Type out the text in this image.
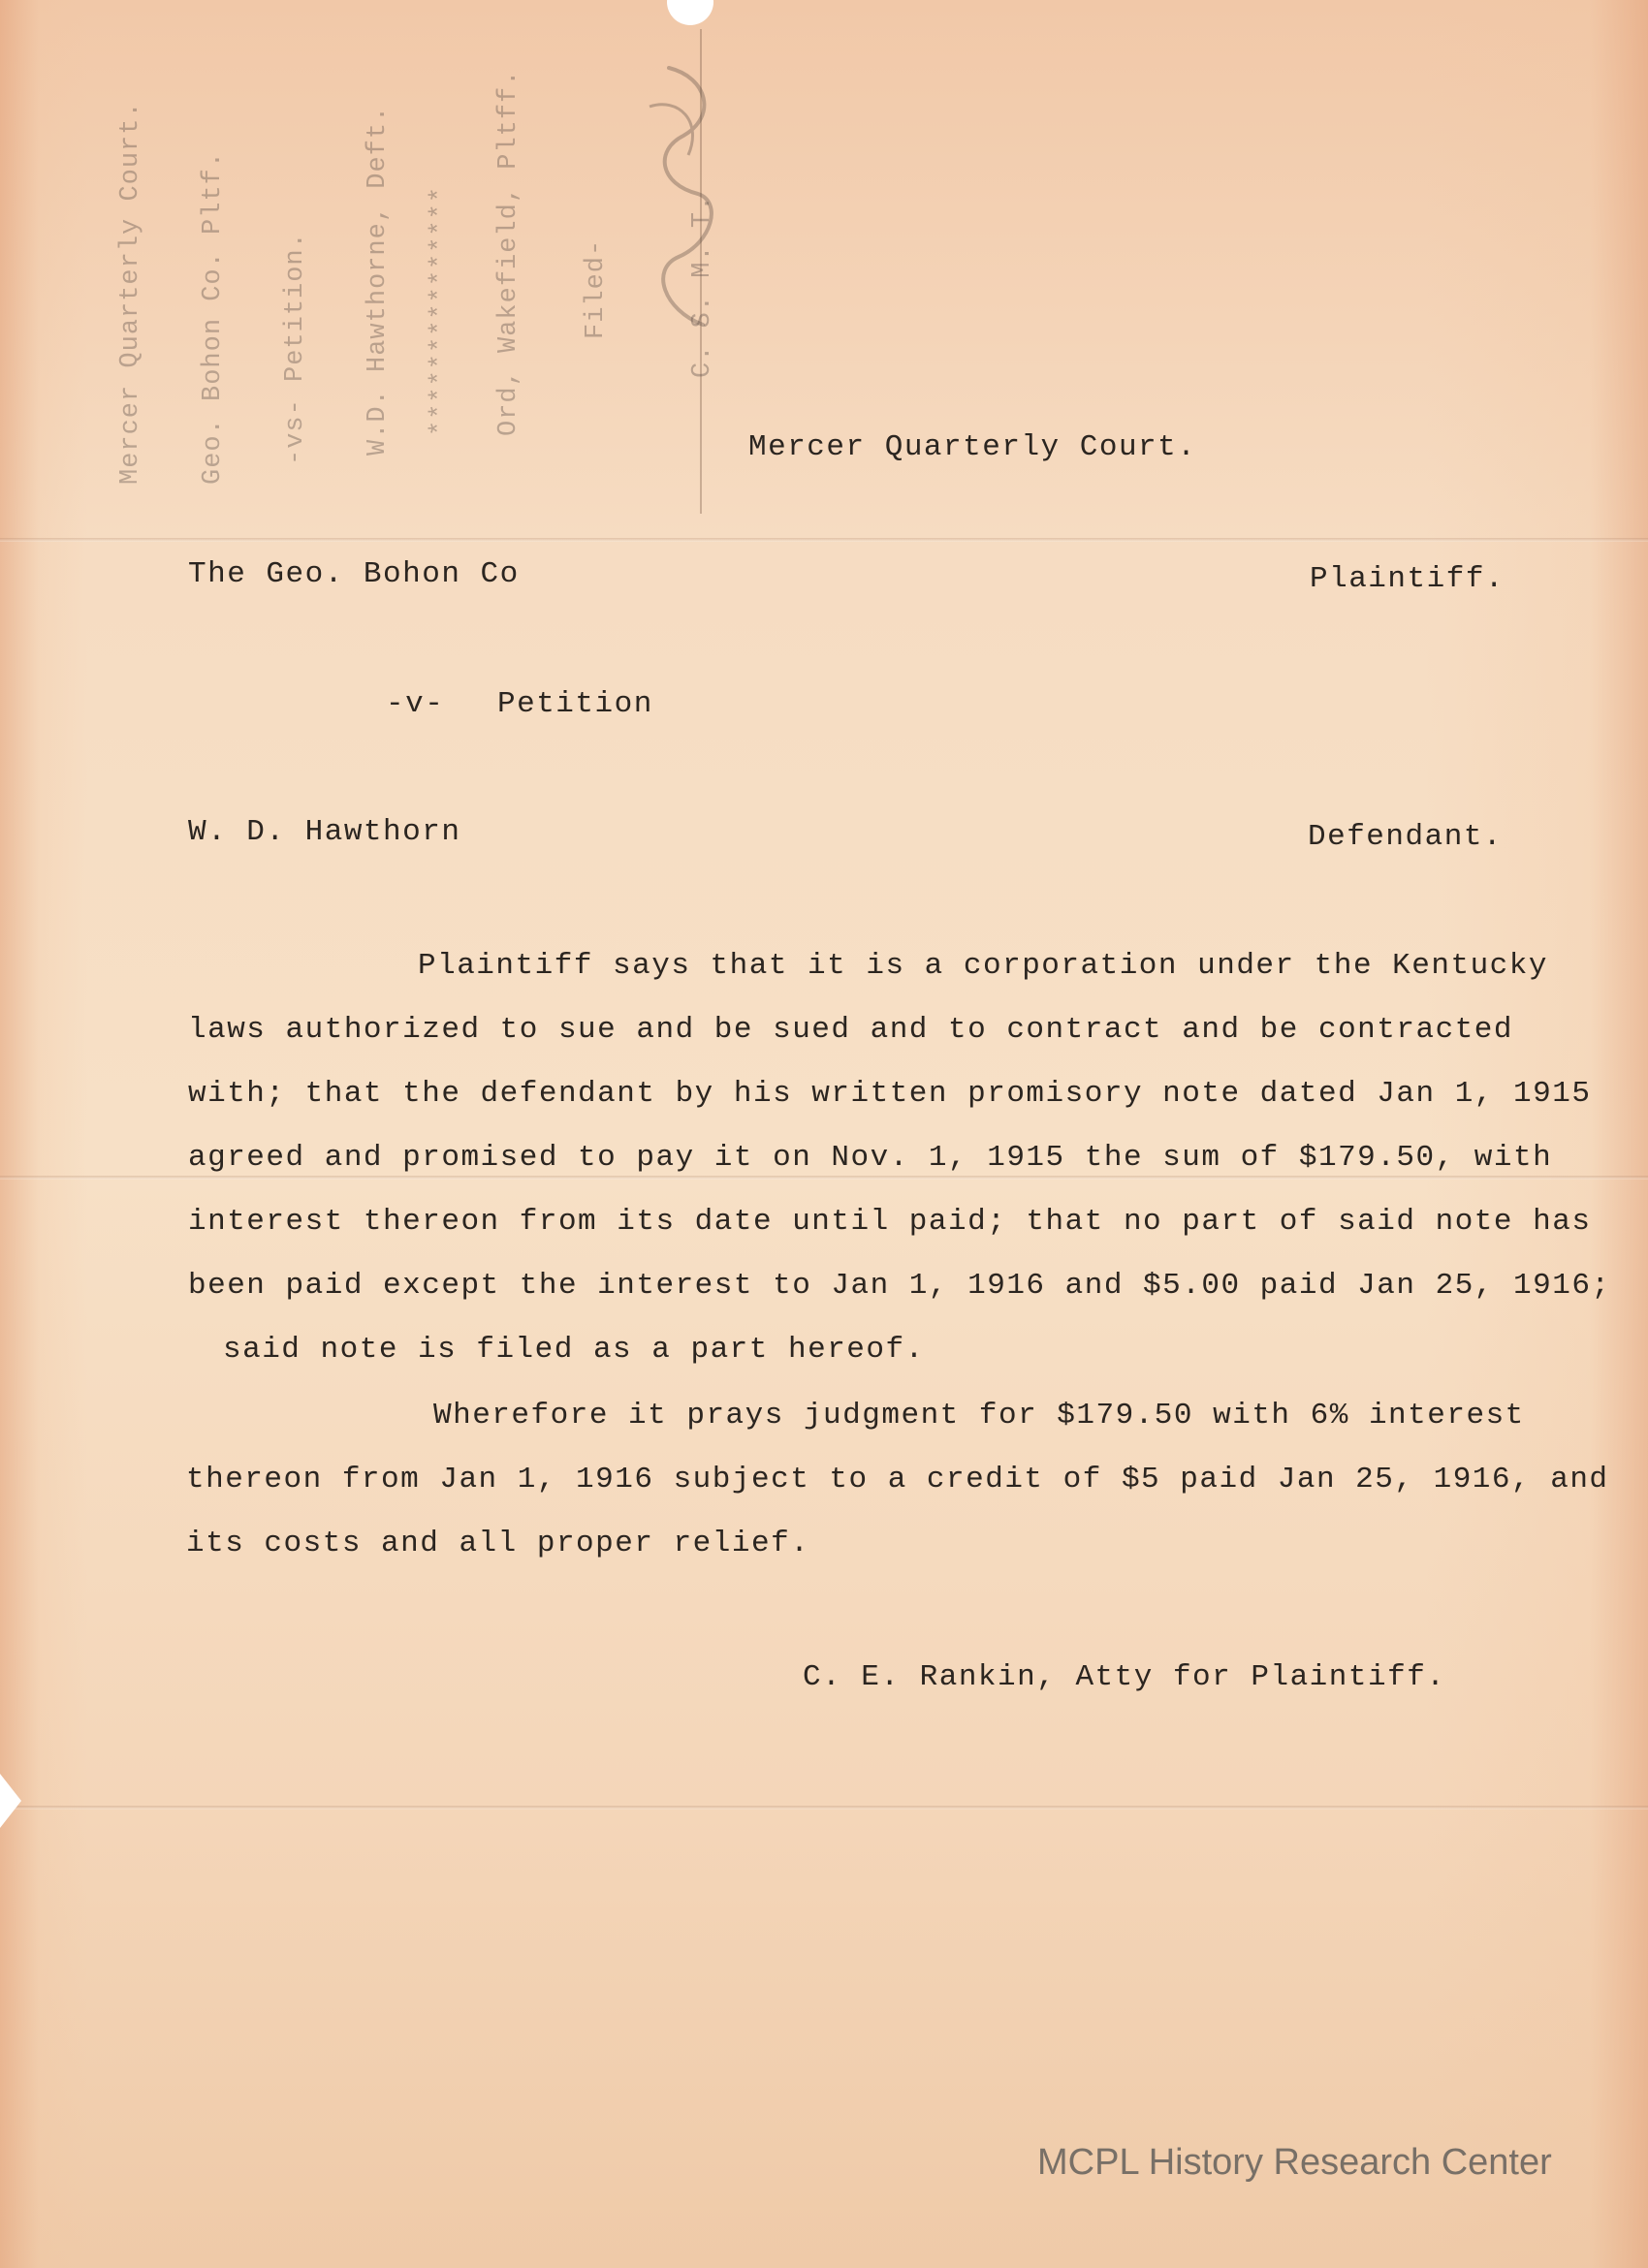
Mercer Quarterly Court. Geo. Bohon Co. Pltf. -vs- Petition. W.D. Hawthorne, Deft. *************** Ord, Wakefield, Pltff. Filed-	C. S. M. T.
Mercer Quarterly Court.
The Geo. Bohon Co	Plaintiff.
-v- Petition
W. D. Hawthorn	Defendant.
Plaintiff says that it is a corporation under the Kentucky
laws authorized to sue and be sued and to contract and be contracted
with; that the defendant by his written promisory note dated Jan 1, 1915
agreed and promised to pay it on Nov. 1, 1915 the sum of $179.50, with
interest thereon from its date until paid; that no part of said note has
been paid except the interest to Jan 1, 1916 and $5.00 paid Jan 25, 1916;
said note is filed as a part hereof.
Wherefore it prays judgment for $179.50 with 6% interest
thereon from Jan 1, 1916 subject to a credit of $5 paid Jan 25, 1916, and
its costs and all proper relief.
C. E. Rankin, Atty for Plaintiff.
MCPL History Research Center
